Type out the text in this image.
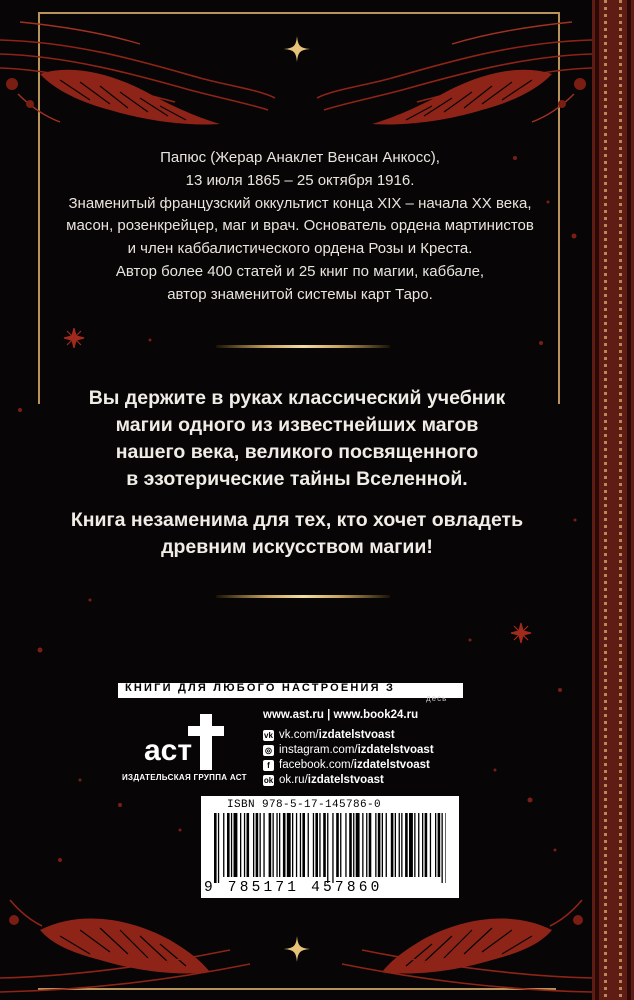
Папюс (Жерар Анаклет Венсан Анкосс),
13 июля 1865 – 25 октября 1916.
Знаменитый французский оккультист конца XIX – начала XX века,
масон, розенкрейцер, маг и врач. Основатель ордена мартинистов
и член каббалистического ордена Розы и Креста.
Автор более 400 статей и 25 книг по магии, каббале,
автор знаменитой системы карт Таро.
Вы держите в руках классический учебник
магии одного из известнейших магов
нашего века, великого посвященного
в эзотерические тайны Вселенной.
Книга незаменима для тех, кто хочет овладеть
древним искусством магии!
КНИГИ ДЛЯ ЛЮБОГО НАСТРОЕНИЯ З
десь
аст
ИЗДАТЕЛЬСКАЯ ГРУППА АСТ
www.ast.ru | www.book24.ru
vk vk.com/izdatelstvoast
◎ instagram.com/izdatelstvoast
f facebook.com/izdatelstvoast
ok ok.ru/izdatelstvoast
ISBN 978-5-17-145786-0
9 785171 457860
